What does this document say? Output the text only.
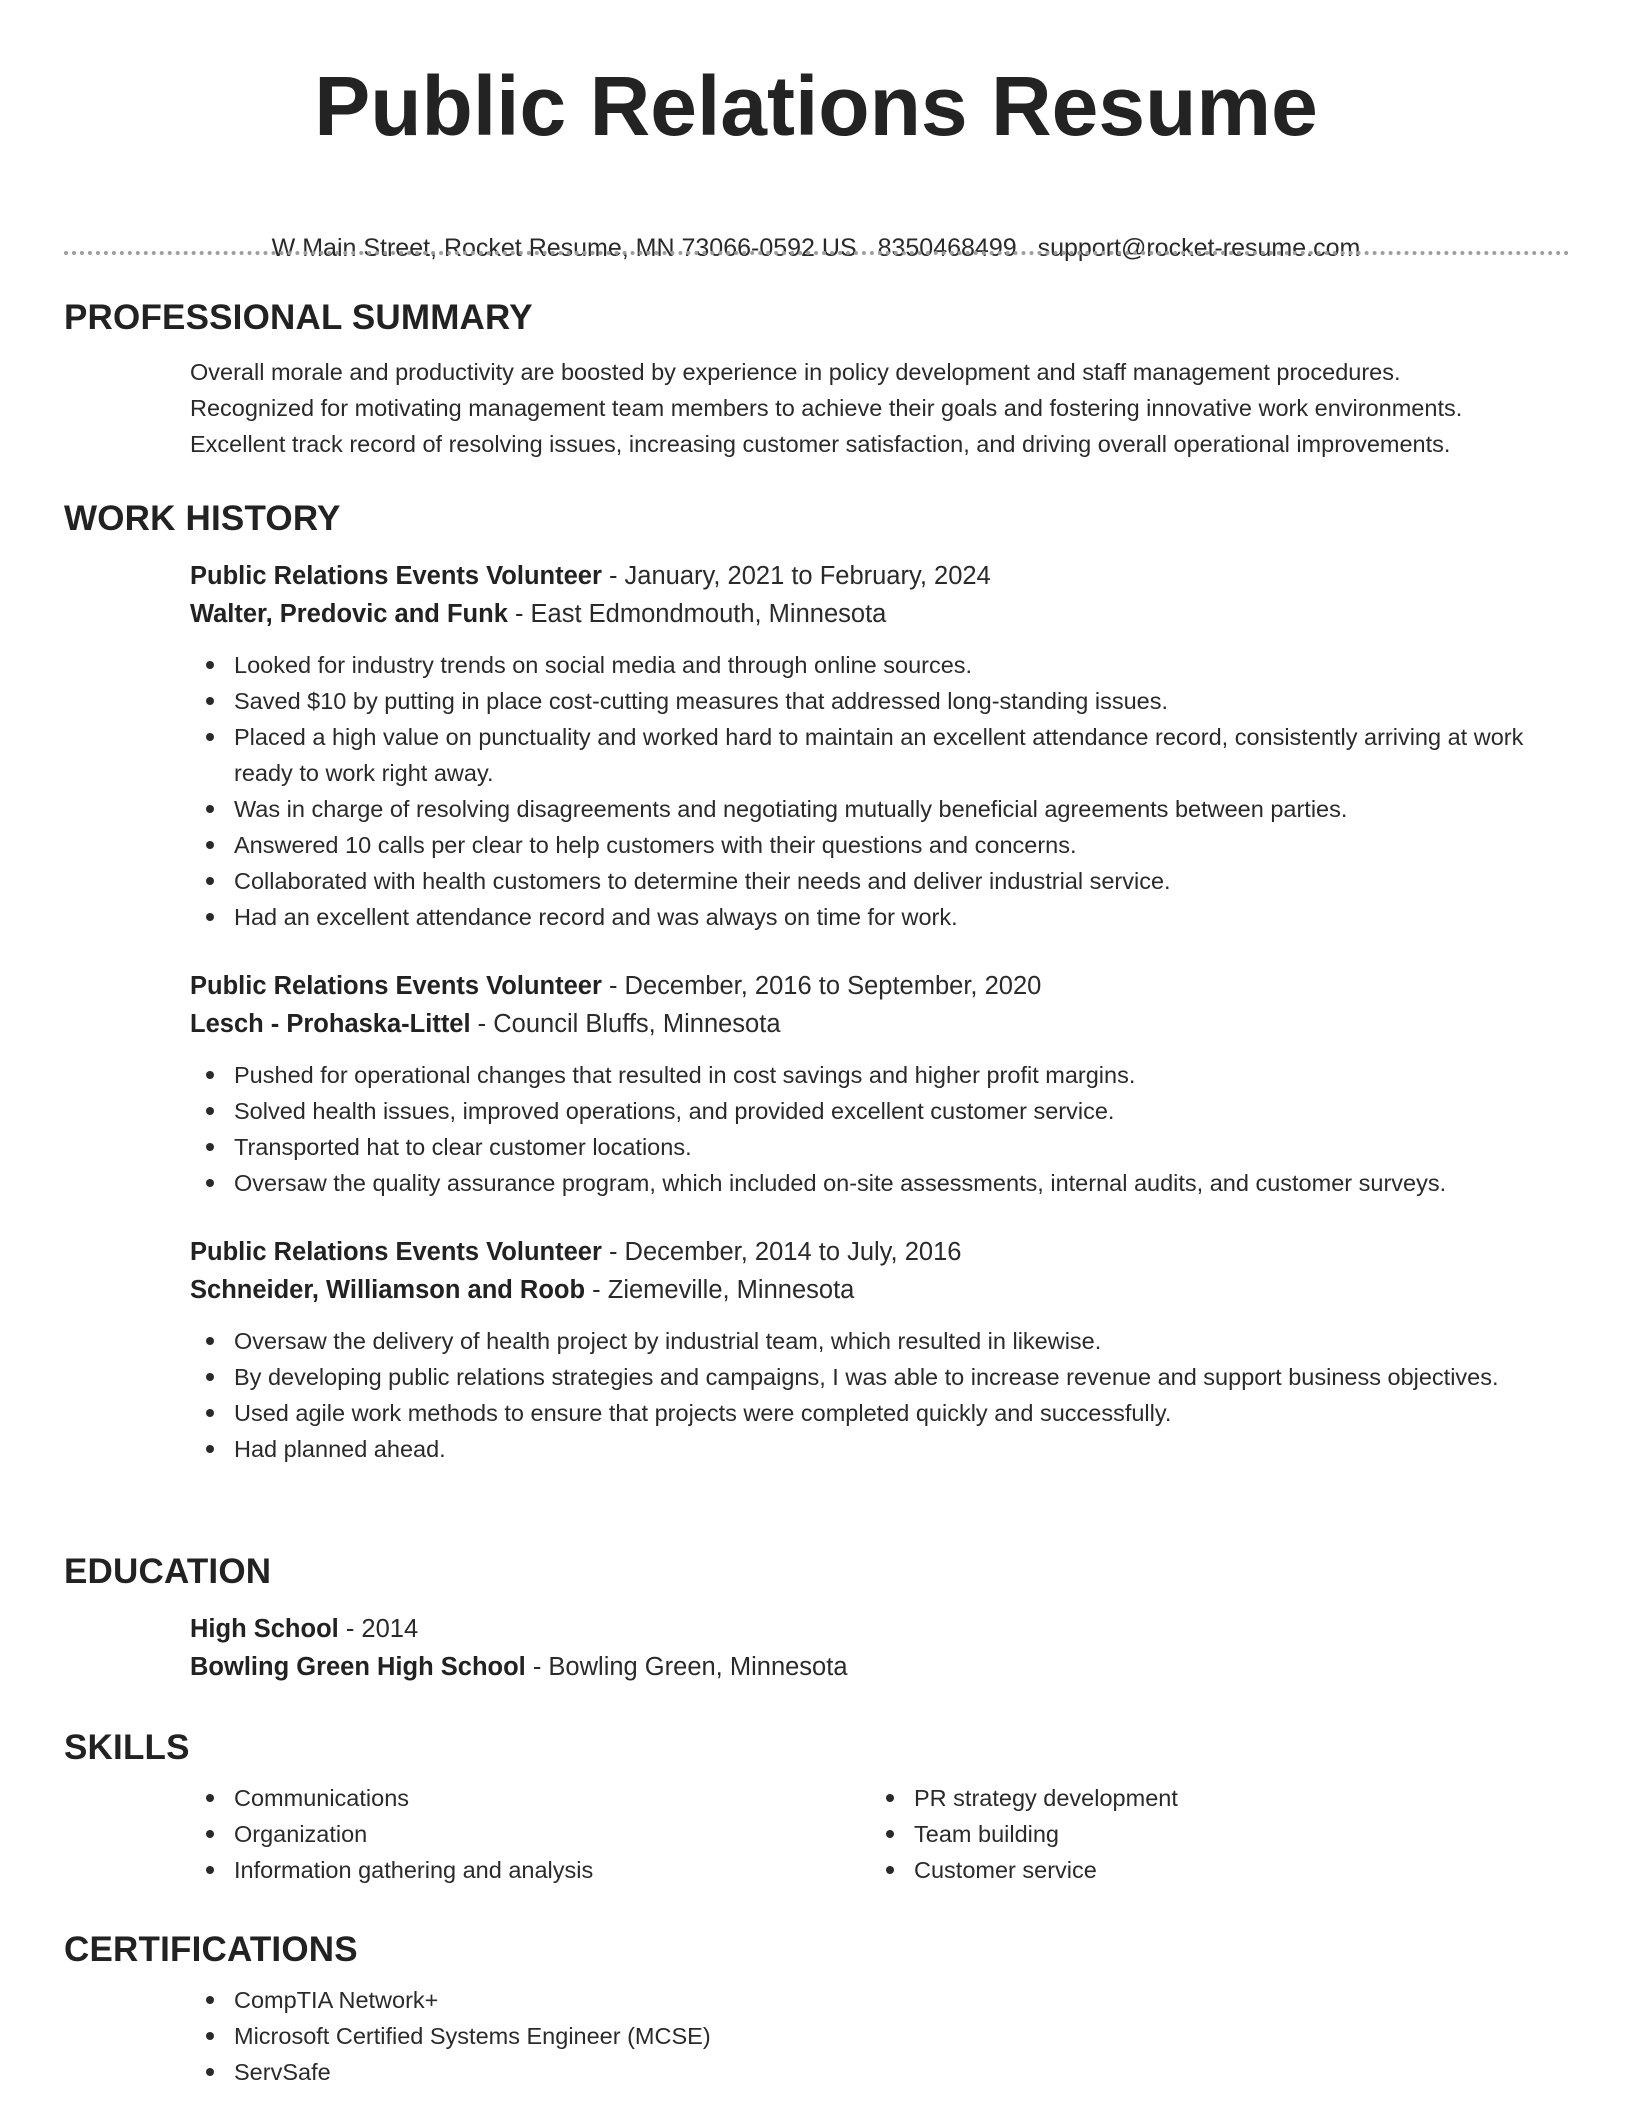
Public Relations Resume
W Main Street, Rocket Resume, MN 73066-0592 US 8350468499 support@rocket-resume.com
PROFESSIONAL SUMMARY
Overall morale and productivity are boosted by experience in policy development and staff management procedures.
Recognized for motivating management team members to achieve their goals and fostering innovative work environments.
Excellent track record of resolving issues, increasing customer satisfaction, and driving overall operational improvements.
WORK HISTORY
Public Relations Events Volunteer - January, 2021 to February, 2024
Walter, Predovic and Funk - East Edmondmouth, Minnesota
Looked for industry trends on social media and through online sources.
Saved $10 by putting in place cost-cutting measures that addressed long-standing issues.
Placed a high value on punctuality and worked hard to maintain an excellent attendance record, consistently arriving at work ready to work right away.
Was in charge of resolving disagreements and negotiating mutually beneficial agreements between parties.
Answered 10 calls per clear to help customers with their questions and concerns.
Collaborated with health customers to determine their needs and deliver industrial service.
Had an excellent attendance record and was always on time for work.
Public Relations Events Volunteer - December, 2016 to September, 2020
Lesch - Prohaska-Littel - Council Bluffs, Minnesota
Pushed for operational changes that resulted in cost savings and higher profit margins.
Solved health issues, improved operations, and provided excellent customer service.
Transported hat to clear customer locations.
Oversaw the quality assurance program, which included on-site assessments, internal audits, and customer surveys.
Public Relations Events Volunteer - December, 2014 to July, 2016
Schneider, Williamson and Roob - Ziemeville, Minnesota
Oversaw the delivery of health project by industrial team, which resulted in likewise.
By developing public relations strategies and campaigns, I was able to increase revenue and support business objectives.
Used agile work methods to ensure that projects were completed quickly and successfully.
Had planned ahead.
EDUCATION
High School - 2014
Bowling Green High School - Bowling Green, Minnesota
SKILLS
Communications
Organization
Information gathering and analysis
PR strategy development
Team building
Customer service
CERTIFICATIONS
CompTIA Network+
Microsoft Certified Systems Engineer (MCSE)
ServSafe
